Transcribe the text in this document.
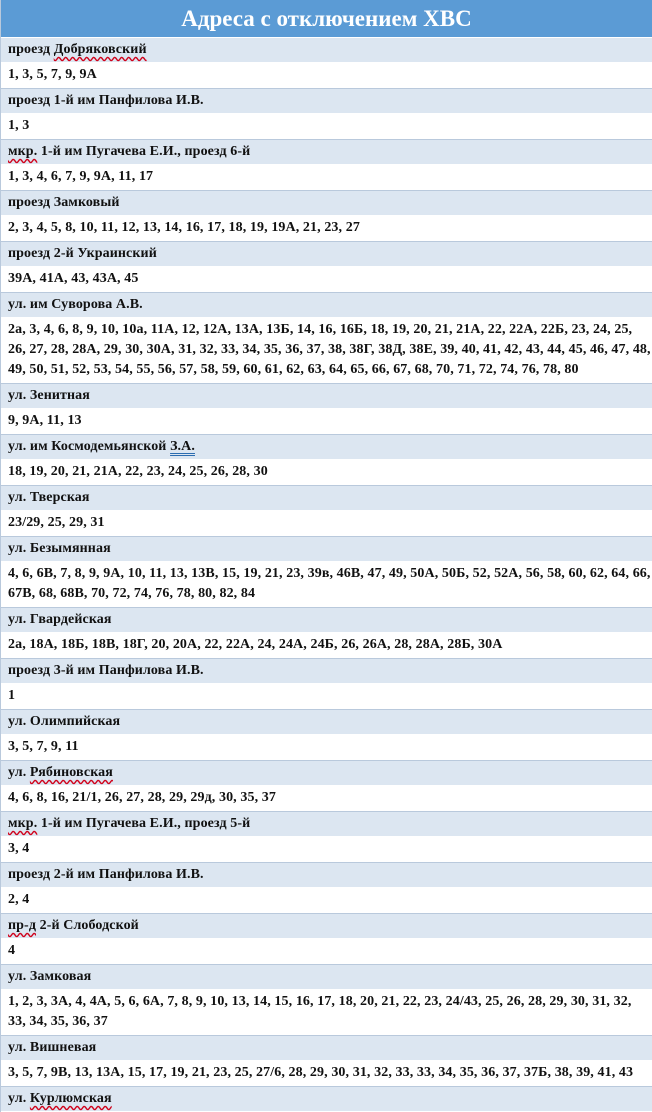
Адреса с отключением ХВС
проезд Добряковский
1, 3, 5, 7, 9, 9А
проезд 1-й им Панфилова И.В.
1, 3
мкр. 1-й им Пугачева Е.И., проезд 6-й
1, 3, 4, 6, 7, 9, 9А, 11, 17
проезд Замковый
2, 3, 4, 5, 8, 10, 11, 12, 13, 14, 16, 17, 18, 19, 19А, 21, 23, 27
проезд 2-й Украинский
39А, 41А, 43, 43А, 45
ул. им Суворова А.В.
2а, 3, 4, 6, 8, 9, 10, 10а, 11А, 12, 12А, 13А, 13Б, 14, 16, 16Б, 18, 19, 20, 21, 21А, 22, 22А, 22Б, 23, 24, 25, 26, 27, 28, 28А, 29, 30, 30А, 31, 32, 33, 34, 35, 36, 37, 38, 38Г, 38Д, 38Е, 39, 40, 41, 42, 43, 44, 45, 46, 47, 48, 49, 50, 51, 52, 53, 54, 55, 56, 57, 58, 59, 60, 61, 62, 63, 64, 65, 66, 67, 68, 70, 71, 72, 74, 76, 78, 80
ул. Зенитная
9, 9А, 11, 13
ул. им Космодемьянской З.А.
18, 19, 20, 21, 21А, 22, 23, 24, 25, 26, 28, 30
ул. Тверская
23/29, 25, 29, 31
ул. Безымянная
4, 6, 6В, 7, 8, 9, 9А, 10, 11, 13, 13В, 15, 19, 21, 23, 39в, 46В, 47, 49, 50А, 50Б, 52, 52А, 56, 58, 60, 62, 64, 66, 67В, 68, 68В, 70, 72, 74, 76, 78, 80, 82, 84
ул. Гвардейская
2а, 18А, 18Б, 18В, 18Г, 20, 20А, 22, 22А, 24, 24А, 24Б, 26, 26А, 28, 28А, 28Б, 30А
проезд 3-й им Панфилова И.В.
1
ул. Олимпийская
3, 5, 7, 9, 11
ул. Рябиновская
4, 6, 8, 16, 21/1, 26, 27, 28, 29, 29д, 30, 35, 37
мкр. 1-й им Пугачева Е.И., проезд 5-й
3, 4
проезд 2-й им Панфилова И.В.
2, 4
пр-д 2-й Слободской
4
ул. Замковая
1, 2, 3, 3А, 4, 4А, 5, 6, 6А, 7, 8, 9, 10, 13, 14, 15, 16, 17, 18, 20, 21, 22, 23, 24/43, 25, 26, 28, 29, 30, 31, 32, 33, 34, 35, 36, 37
ул. Вишневая
3, 5, 7, 9В, 13, 13А, 15, 17, 19, 21, 23, 25, 27/6, 28, 29, 30, 31, 32, 33, 33, 34, 35, 36, 37, 37Б, 38, 39, 41, 43
ул. Курлюмская
